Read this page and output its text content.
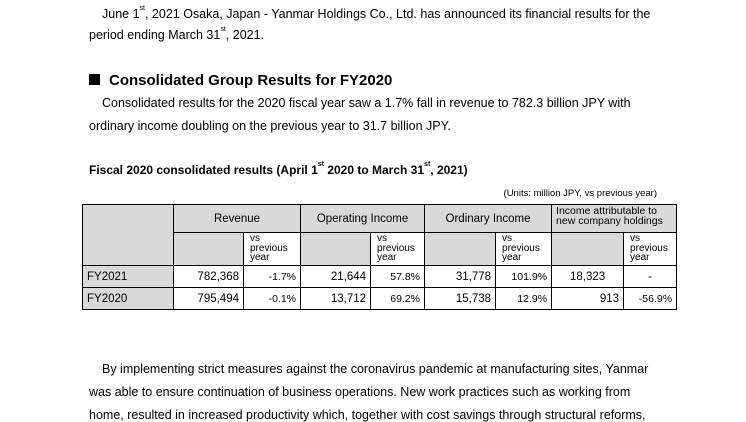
June 1st, 2021 Osaka, Japan - Yanmar Holdings Co., Ltd. has announced its financial results for the
period ending March 31st, 2021.
Consolidated Group Results for FY2020
Consolidated results for the 2020 fiscal year saw a 1.7% fall in revenue to 782.3 billion JPY with
ordinary income doubling on the previous year to 31.7 billion JPY.
Fiscal 2020 consolidated results (April 1st 2020 to March 31st, 2021)
(Units: million JPY, vs previous year)
	Revenue		Operating Income		Ordinary Income		Income attributable to new company holdings	
		vs previous year		vs previous year		vs previous year		vs previous year
FY2021	782,368	-1.7%	21,644	57.8%	31,778	101.9%	18,323	-
FY2020	795,494	-0.1%	13,712	69.2%	15,738	12.9%	913	-56.9%
By implementing strict measures against the coronavirus pandemic at manufacturing sites, Yanmar
was able to ensure continuation of business operations. New work practices such as working from
home, resulted in increased productivity which, together with cost savings through structural reforms,
